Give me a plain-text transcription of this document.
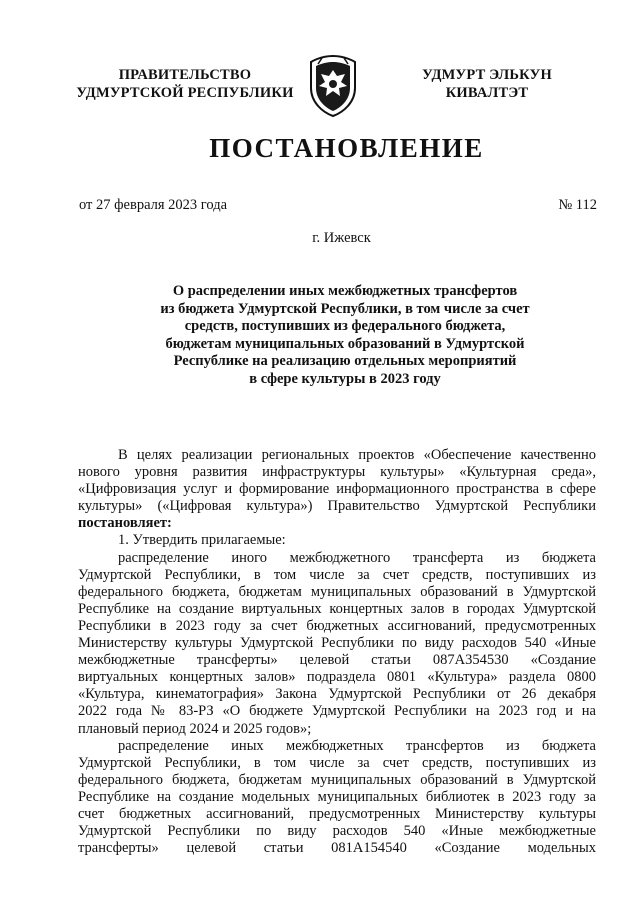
ПРАВИТЕЛЬСТВО
УДМУРТСКОЙ РЕСПУБЛИКИ
УДМУРТ ЭЛЬКУН
КИВАЛТЭТ
ПОСТАНОВЛЕНИЕ
от 27 февраля 2023 года	№ 112
г. Ижевск
О распределении иных межбюджетных трансфертов
из бюджета Удмуртской Республики, в том числе за счет
средств, поступивших из федерального бюджета,
бюджетам муниципальных образований в Удмуртской
Республике на реализацию отдельных мероприятий
в сфере культуры в 2023 году
В целях реализации региональных проектов «Обеспечение качественно
нового уровня развития инфраструктуры культуры» «Культурная среда»,
«Цифровизация услуг и формирование информационного пространства в сфере
культуры» («Цифровая культура») Правительство Удмуртской Республики
постановляет:
1. Утвердить прилагаемые:
распределение иного межбюджетного трансферта из бюджета
Удмуртской Республики, в том числе за счет средств, поступивших из
федерального бюджета, бюджетам муниципальных образований в Удмуртской
Республике на создание виртуальных концертных залов в городах Удмуртской
Республики в 2023 году за счет бюджетных ассигнований, предусмотренных
Министерству культуры Удмуртской Республики по виду расходов 540 «Иные
межбюджетные трансферты» целевой статьи 087А354530 «Создание
виртуальных концертных залов» подраздела 0801 «Культура» раздела 0800
«Культура, кинематография» Закона Удмуртской Республики от 26 декабря
2022 года № 83-РЗ «О бюджете Удмуртской Республики на 2023 год и на
плановый период 2024 и 2025 годов»;
распределение иных межбюджетных трансфертов из бюджета
Удмуртской Республики, в том числе за счет средств, поступивших из
федерального бюджета, бюджетам муниципальных образований в Удмуртской
Республике на создание модельных муниципальных библиотек в 2023 году за
счет бюджетных ассигнований, предусмотренных Министерству культуры
Удмуртской Республики по виду расходов 540 «Иные межбюджетные
трансферты» целевой статьи 081А154540 «Создание модельных
